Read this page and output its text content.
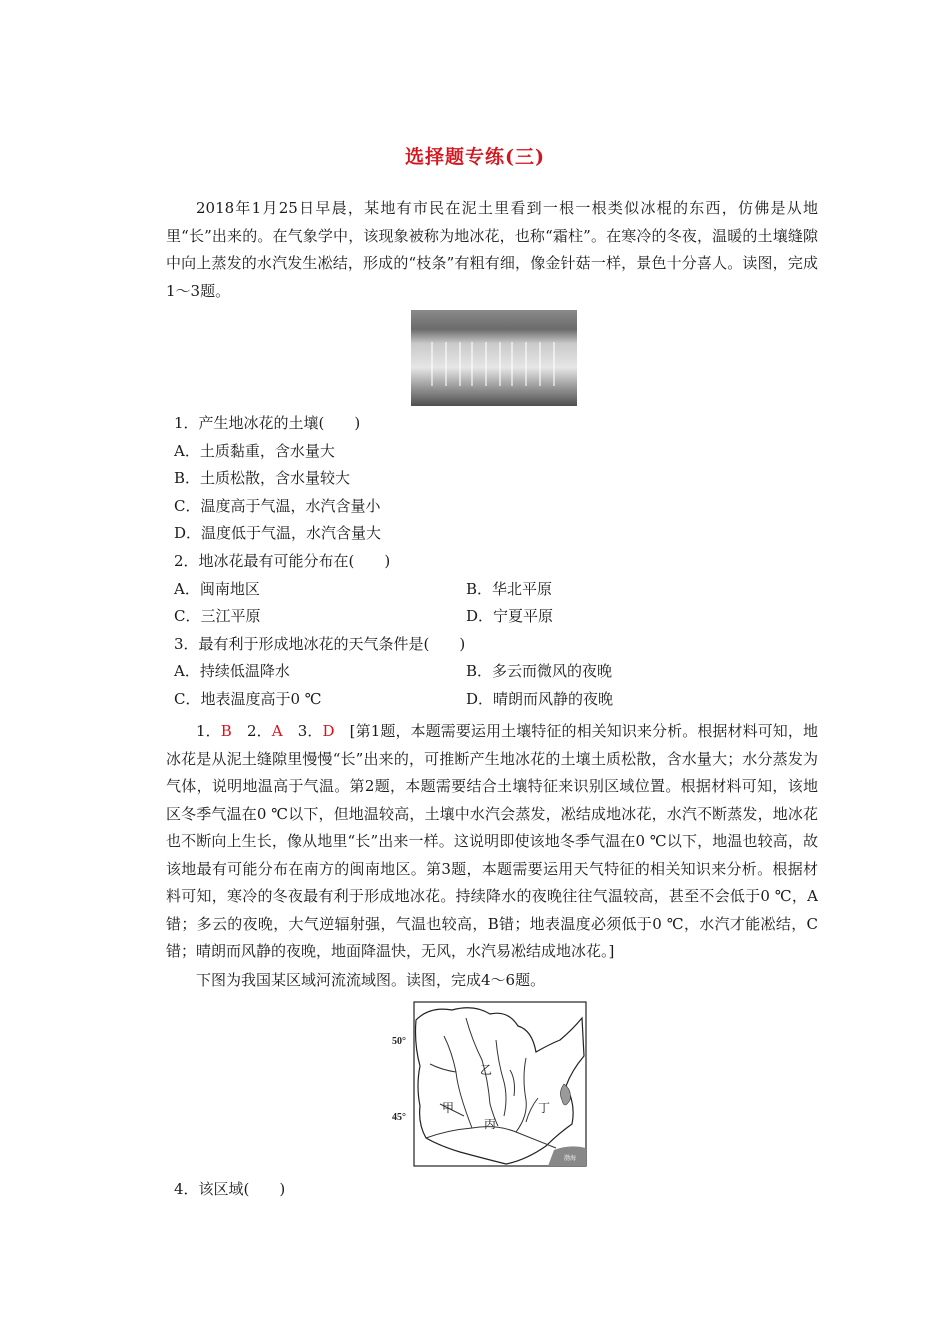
选择题专练(三)

2018年1月25日早晨，某地有市民在泥土里看到一根一根类似冰棍的东西，仿佛是从地里“长”出来的。在气象学中，该现象被称为地冰花，也称“霜柱”。在寒冷的冬夜，温暖的土壤缝隙中向上蒸发的水汽发生凇结，形成的“枝条”有粗有细，像金针菇一样，景色十分喜人。读图，完成1～3题。

1．产生地冰花的土壤(　　)
A．土质黏重，含水量大
B．土质松散，含水量较大
C．温度高于气温，水汽含量小
D．温度低于气温，水汽含量大
2．地冰花最有可能分布在(　　)
A．闽南地区	B．华北平原
C．三江平原	D．宁夏平原
3．最有利于形成地冰花的天气条件是(　　)
A．持续低温降水	B．多云而微风的夜晚
C．地表温度高于0 ℃	D．晴朗而风静的夜晚

1．B　2．A　3．D　[第1题，本题需要运用土壤特征的相关知识来分析。根据材料可知，地冰花是从泥土缝隙里慢慢“长”出来的，可推断产生地冰花的土壤土质松散，含水量大；水分蒸发为气体，说明地温高于气温。第2题，本题需要结合土壤特征来识别区域位置。根据材料可知，该地区冬季气温在0 ℃以下，但地温较高，土壤中水汽会蒸发，凇结成地冰花，水汽不断蒸发，地冰花也不断向上生长，像从地里“长”出来一样。这说明即使该地冬季气温在0 ℃以下，地温也较高，故该地最有可能分布在南方的闽南地区。第3题，本题需要运用天气特征的相关知识来分析。根据材料可知，寒冷的冬夜最有利于形成地冰花。持续降水的夜晚往往气温较高，甚至不会低于0 ℃，A错；多云的夜晚，大气逆辐射强，气温也较高，B错；地表温度必须低于0 ℃，水汽才能凇结，C错；晴朗而风静的夜晚，地面降温快，无风，水汽易凇结成地冰花。]

下图为我国某区域河流流域图。读图，完成4～6题。

50°
45°
甲
乙
丙
丁
渤海
4．该区域(　　)
